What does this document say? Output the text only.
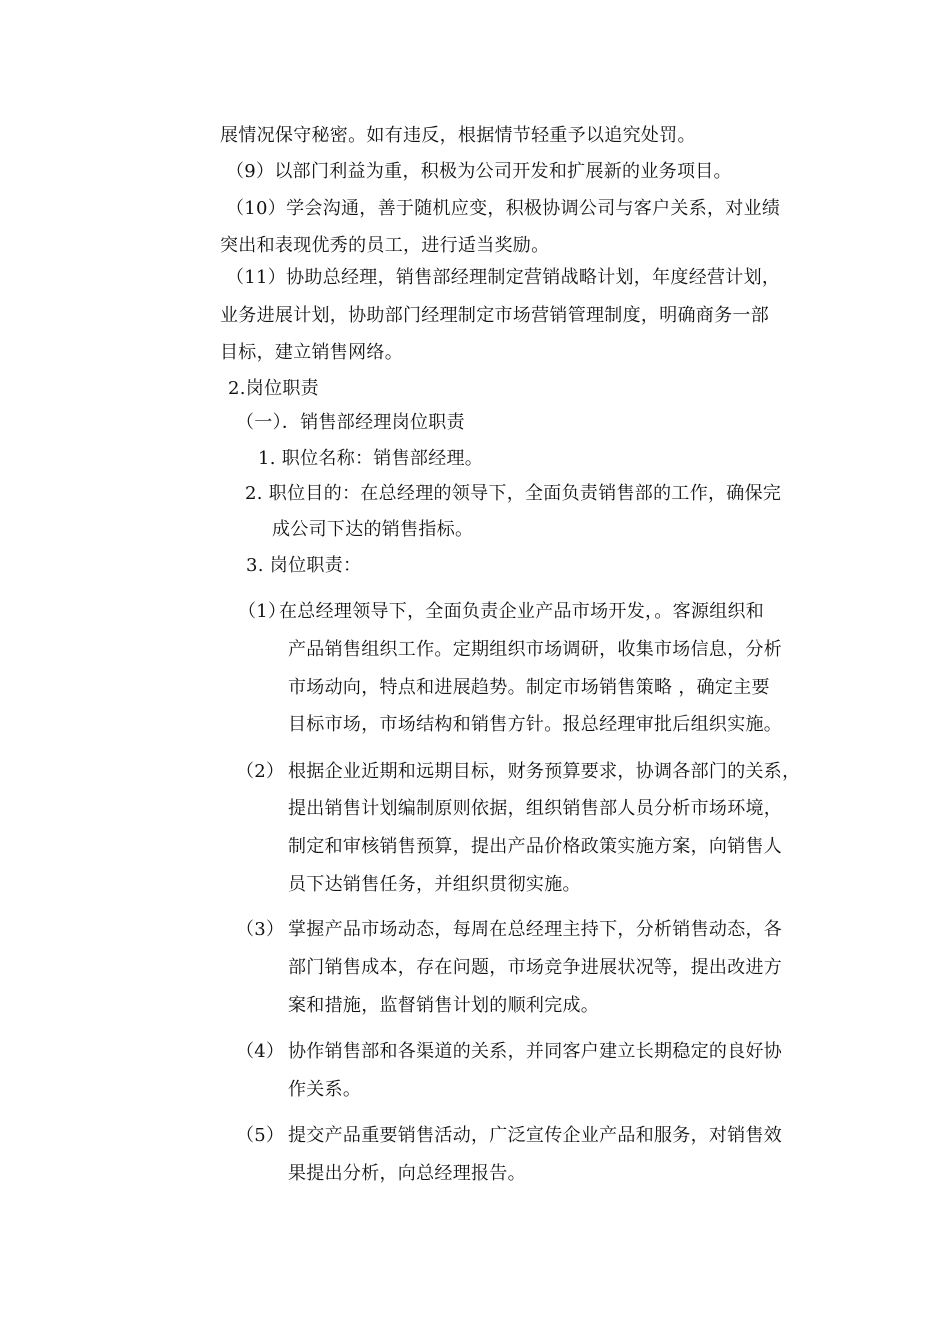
展情况保守秘密。如有违反，根据情节轻重予以追究处罚。
（9）以部门利益为重，积极为公司开发和扩展新的业务项目。
（10）学会沟通，善于随机应变，积极协调公司与客户关系，对业绩
突出和表现优秀的员工，进行适当奖励。
（11）协助总经理，销售部经理制定营销战略计划，年度经营计划，
业务进展计划，协助部门经理制定市场营销管理制度，明确商务一部
目标，建立销售网络。
2.岗位职责
（一）．销售部经理岗位职责
1. 职位名称：销售部经理。
2. 职位目的：在总经理的领导下，全面负责销售部的工作，确保完
成公司下达的销售指标。
3. 岗位职责：
（1）
在总经理领导下，全面负责企业产品市场开发，。客源组织和
产品销售组织工作。定期组织市场调研，收集市场信息，分析
市场动向，特点和进展趋势。制定市场销售策略 ，确定主要
目标市场，市场结构和销售方针。报总经理审批后组织实施。
（2） 根据企业近期和远期目标，财务预算要求，协调各部门的关系，
提出销售计划编制原则依据，组织销售部人员分析市场环境，
制定和审核销售预算，提出产品价格政策实施方案，向销售人
员下达销售任务，并组织贯彻实施。
（3） 掌握产品市场动态，每周在总经理主持下，分析销售动态，各
部门销售成本，存在问题，市场竞争进展状况等，提出改进方
案和措施，监督销售计划的顺利完成。
（4） 协作销售部和各渠道的关系，并同客户建立长期稳定的良好协
作关系。
（5） 提交产品重要销售活动，广泛宣传企业产品和服务，对销售效
果提出分析，向总经理报告。
